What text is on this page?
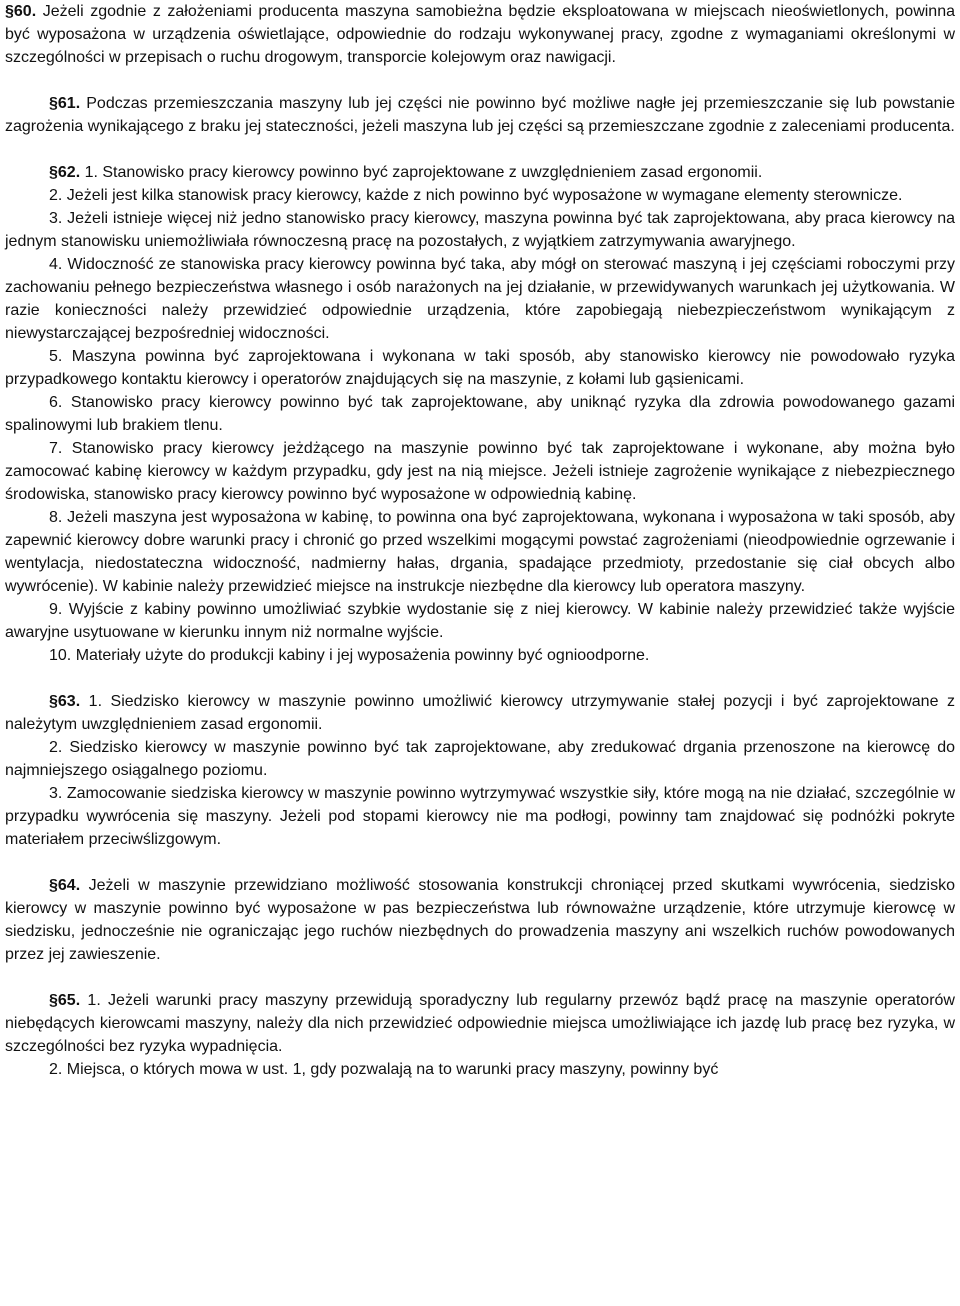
§60. Jeżeli zgodnie z założeniami producenta maszyna samobieżna będzie eksploatowana w miejscach nieoświetlonych, powinna być wyposażona w urządzenia oświetlające, odpowiednie do rodzaju wykonywanej pracy, zgodne z wymaganiami określonymi w szczególności w przepisach o ruchu drogowym, transporcie kolejowym oraz nawigacji.

§61. Podczas przemieszczania maszyny lub jej części nie powinno być możliwe nagłe jej przemieszczanie się lub powstanie zagrożenia wynikającego z braku jej stateczności, jeżeli maszyna lub jej części są przemieszczane zgodnie z zaleceniami producenta.

§62. 1. Stanowisko pracy kierowcy powinno być zaprojektowane z uwzględnieniem zasad ergonomii.

2. Jeżeli jest kilka stanowisk pracy kierowcy, każde z nich powinno być wyposażone w wymagane elementy sterownicze.

3. Jeżeli istnieje więcej niż jedno stanowisko pracy kierowcy, maszyna powinna być tak zaprojektowana, aby praca kierowcy na jednym stanowisku uniemożliwiała równoczesną pracę na pozostałych, z wyjątkiem zatrzymywania awaryjnego.

4. Widoczność ze stanowiska pracy kierowcy powinna być taka, aby mógł on sterować maszyną i jej częściami roboczymi przy zachowaniu pełnego bezpieczeństwa własnego i osób narażonych na jej działanie, w przewidywanych warunkach jej użytkowania. W razie konieczności należy przewidzieć odpowiednie urządzenia, które zapobiegają niebezpieczeństwom wynikającym z niewystarczającej bezpośredniej widoczności.

5. Maszyna powinna być zaprojektowana i wykonana w taki sposób, aby stanowisko kierowcy nie powodowało ryzyka przypadkowego kontaktu kierowcy i operatorów znajdujących się na maszynie, z kołami lub gąsienicami.

6. Stanowisko pracy kierowcy powinno być tak zaprojektowane, aby uniknąć ryzyka dla zdrowia powodowanego gazami spalinowymi lub brakiem tlenu.

7. Stanowisko pracy kierowcy jeżdżącego na maszynie powinno być tak zaprojektowane i wykonane, aby można było zamocować kabinę kierowcy w każdym przypadku, gdy jest na nią miejsce. Jeżeli istnieje zagrożenie wynikające z niebezpiecznego środowiska, stanowisko pracy kierowcy powinno być wyposażone w odpowiednią kabinę.

8. Jeżeli maszyna jest wyposażona w kabinę, to powinna ona być zaprojektowana, wykonana i wyposażona w taki sposób, aby zapewnić kierowcy dobre warunki pracy i chronić go przed wszelkimi mogącymi powstać zagrożeniami (nieodpowiednie ogrzewanie i wentylacja, niedostateczna widoczność, nadmierny hałas, drgania, spadające przedmioty, przedostanie się ciał obcych albo wywrócenie). W kabinie należy przewidzieć miejsce na instrukcje niezbędne dla kierowcy lub operatora maszyny.

9. Wyjście z kabiny powinno umożliwiać szybkie wydostanie się z niej kierowcy. W kabinie należy przewidzieć także wyjście awaryjne usytuowane w kierunku innym niż normalne wyjście.

10. Materiały użyte do produkcji kabiny i jej wyposażenia powinny być ognioodporne.

§63. 1. Siedzisko kierowcy w maszynie powinno umożliwić kierowcy utrzymywanie stałej pozycji i być zaprojektowane z należytym uwzględnieniem zasad ergonomii.

2. Siedzisko kierowcy w maszynie powinno być tak zaprojektowane, aby zredukować drgania przenoszone na kierowcę do najmniejszego osiągalnego poziomu.

3. Zamocowanie siedziska kierowcy w maszynie powinno wytrzymywać wszystkie siły, które mogą na nie działać, szczególnie w przypadku wywrócenia się maszyny. Jeżeli pod stopami kierowcy nie ma podłogi, powinny tam znajdować się podnóżki pokryte materiałem przeciwślizgowym.

§64. Jeżeli w maszynie przewidziano możliwość stosowania konstrukcji chroniącej przed skutkami wywrócenia, siedzisko kierowcy w maszynie powinno być wyposażone w pas bezpieczeństwa lub równoważne urządzenie, które utrzymuje kierowcę w siedzisku, jednocześnie nie ograniczając jego ruchów niezbędnych do prowadzenia maszyny ani wszelkich ruchów powodowanych przez jej zawieszenie.

§65. 1. Jeżeli warunki pracy maszyny przewidują sporadyczny lub regularny przewóz bądź pracę na maszynie operatorów niebędących kierowcami maszyny, należy dla nich przewidzieć odpowiednie miejsca umożliwiające ich jazdę lub pracę bez ryzyka, w szczególności bez ryzyka wypadnięcia.

2. Miejsca, o których mowa w ust. 1, gdy pozwalają na to warunki pracy maszyny, powinny być
